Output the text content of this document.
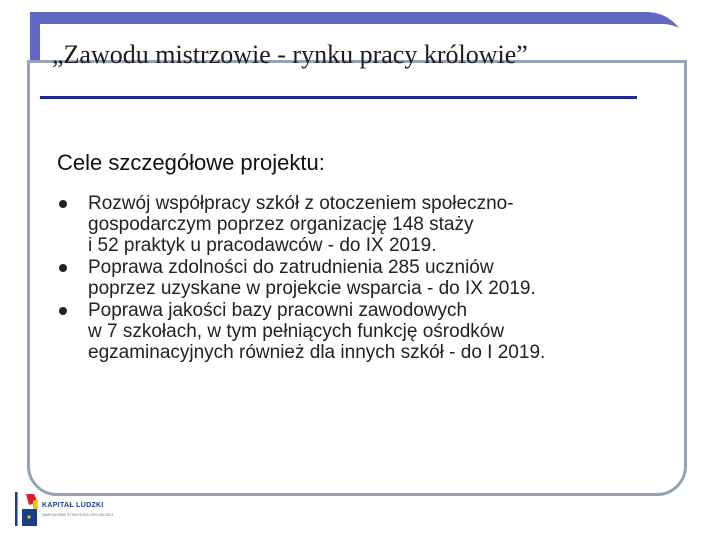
„Zawodu mistrzowie - rynku pracy królowie”
Cele szczegółowe projektu:
Rozwój współpracy szkół z otoczeniem społeczno-
gospodarczym poprzez organizację 148 staży
i 52 praktyk u pracodawców - do IX 2019.
Poprawa zdolności do zatrudnienia 285 uczniów
poprzez uzyskane w projekcie wsparcia - do IX 2019.
Poprawa jakości bazy pracowni zawodowych
w 7 szkołach, w tym pełniących funkcję ośrodków
egzaminacyjnych również dla innych szkół - do I 2019.
KAPITAŁ LUDZKI
NARODOWA STRATEGIA SPÓJNOŚCI
